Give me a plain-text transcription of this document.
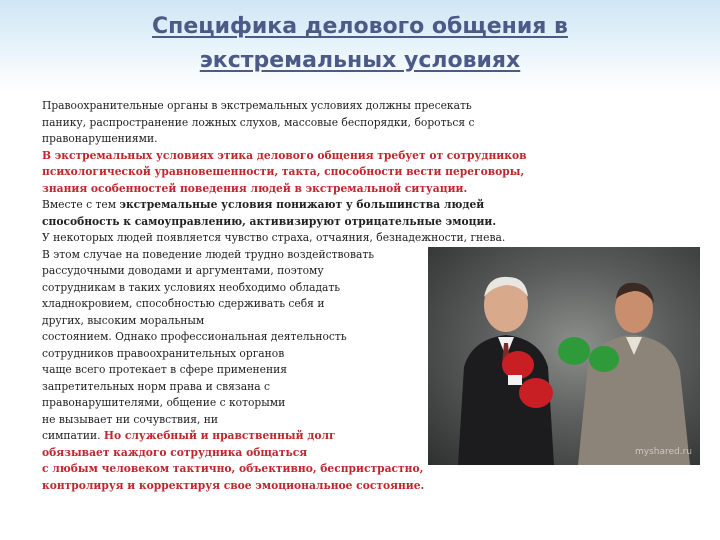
Специфика делового общения в
экстремальных условиях
myshared.ru
Правоохранительные органы в экстремальных условиях должны пресекать
панику, распространение ложных слухов, массовые беспорядки, бороться с
правонарушениями.
В экстремальных условиях этика делового общения требует от сотрудников
психологической уравновешенности, такта, способности вести переговоры,
знания особенностей поведения людей в экстремальной ситуации.
Вместе с тем экстремальные условия понижают у большинства людей
способность к самоуправлению, активизируют отрицательные эмоции.
У некоторых людей появляется чувство страха, отчаяния, безнадежности, гнева.
В этом случае на поведение людей трудно воздействовать
рассудочными доводами и аргументами, поэтому
сотрудникам в таких условиях необходимо обладать
хладнокровием, способностью сдерживать себя и
других, высоким моральным
состоянием. Однако профессиональная деятельность
сотрудников правоохранительных органов
чаще всего протекает в сфере применения
запретительных норм права и связана с
правонарушителями, общение с которыми
не вызывает ни сочувствия, ни
симпатии. Но служебный и нравственный долг
обязывает каждого сотрудника общаться
с любым человеком тактично, объективно, беспристрастно,
контролируя и корректируя свое эмоциональное состояние.
